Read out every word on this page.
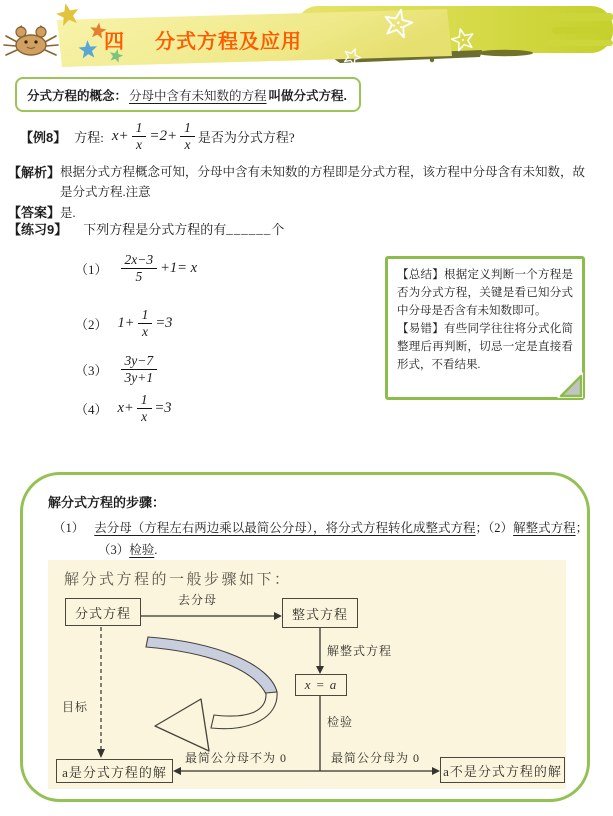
四 分式方程及应用
分式方程的概念： 分母中含有未知数的方程 叫做分式方程.
【例8】 方程: $x+ \frac{1}{x} =2+ \frac{1}{x}$ 是否为分式方程?
【解析】 根据分式方程概念可知，分母中含有未知数的方程即是分式方程，该方程中分母含有未知数，故
是分式方程.注意
【答案】 是.
【练习9】 下列方程是分式方程的有 ______ 个
$(1) \frac{2x-3}{5} +1= x$
（2） $1+ \frac{1}{x} =3$
$(3) \frac{3y-7}{3y+1}$
（4） $x+ \frac{1}{x} =3$
【总结】根据定义判断一个方程是否为分式方程，关键是看已知分式中分母是否含有未知数即可。
【易错】有些同学往往将分式化简整理后再判断，切忌一定是直接看形式，不看结果.
解分式方程的步骤：
（1） 去分母（方程左右两边乘以最简公分母），将分式方程转化成整式方程；（2）解整式方程；（3）检验.
解分式方程的一般步骤如下：
分式方程	整式方程
x = a
a是分式方程的解	a不是分式方程的解
去分母
解整式方程
检验
目标
最简公分母不为 0	最简公分母为 0
